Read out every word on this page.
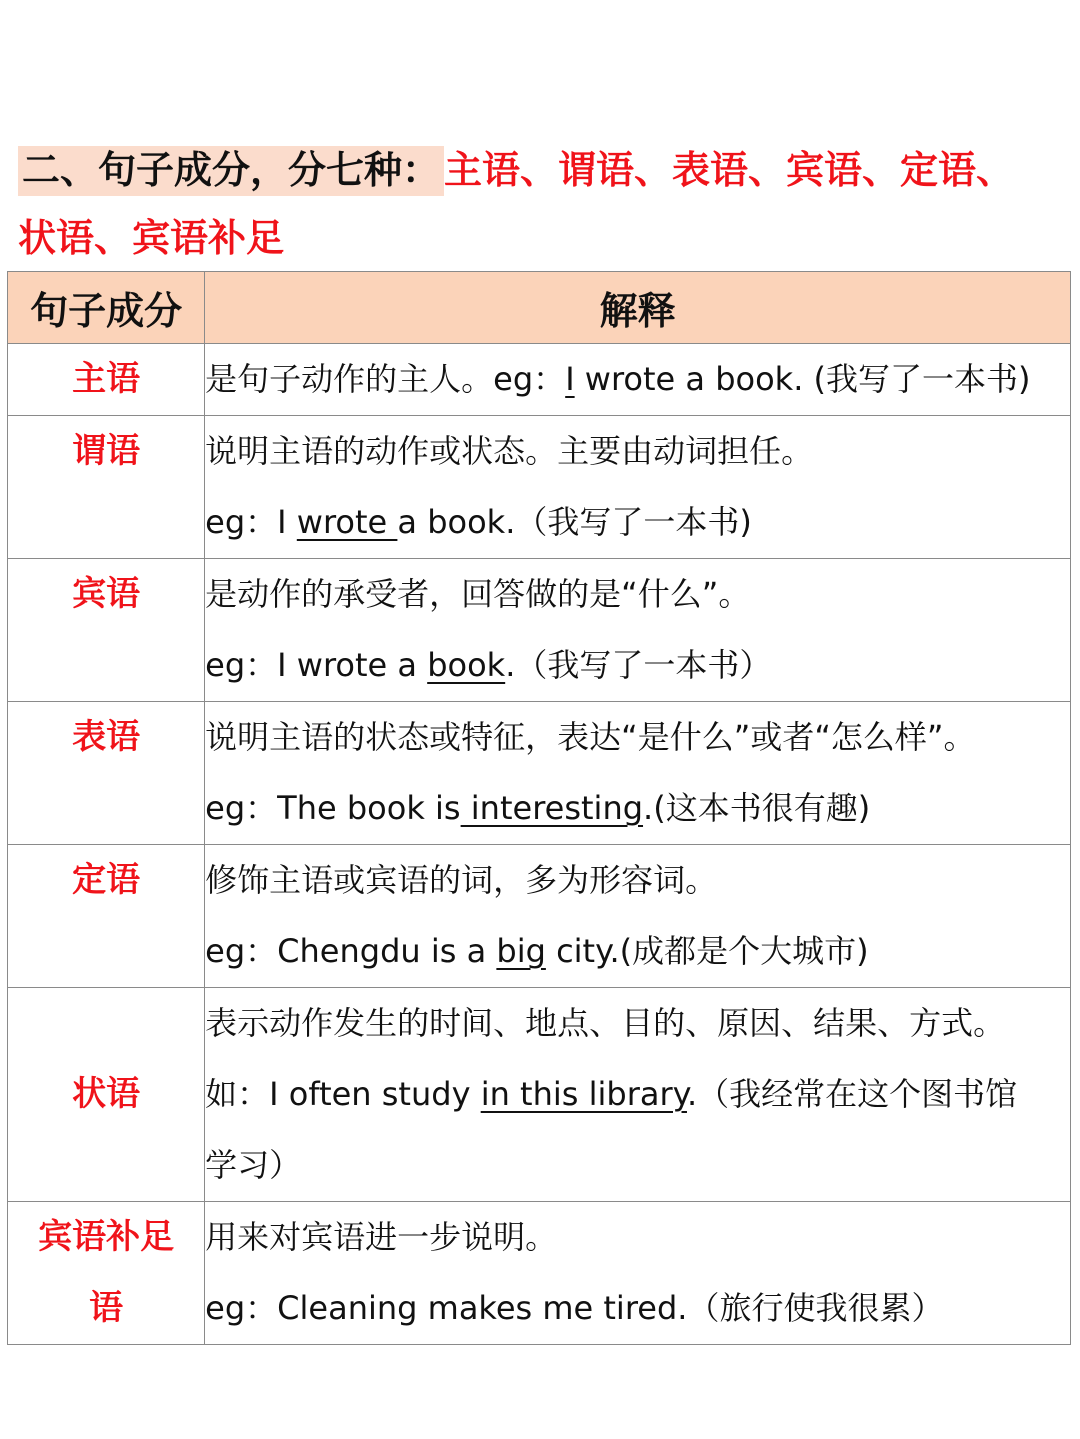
二、句子成分，分七种： 主语、谓语、表语、宾语、定语、
状语、宾语补足
句子成分	解释
主语	是句子动作的主人。eg：I wrote a book. (我写了一本书)

谓语	说明主语的动作或状态。主要由动词担任。
eg：I wrote a book.（我写了一本书)

宾语	是动作的承受者，回答做的是“什么”。
eg：I wrote a book.（我写了一本书）

表语	说明主语的状态或特征，表达“是什么”或者“怎么样”。
eg：The book is interesting.(这本书很有趣)

定语	修饰主语或宾语的词，多为形容词。
eg：Chengdu is a big city.(成都是个大城市)

状语	表示动作发生的时间、地点、目的、原因、结果、方式。
如：I often study in this library.（我经常在这个图书馆
学习）

宾语补足语	用来对宾语进一步说明。
eg：Cleaning makes me tired.（旅行使我很累）
